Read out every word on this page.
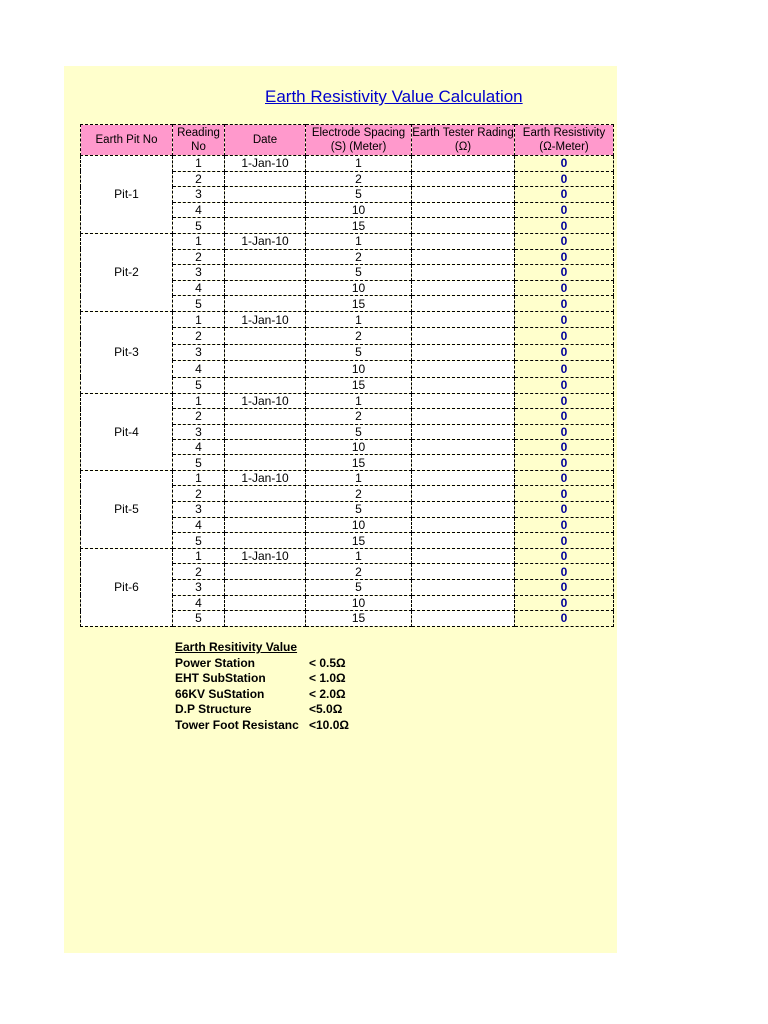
Earth Resistivity Value Calculation
Earth Pit No	Reading No	Date	Electrode Spacing (S) (Meter)	Earth Tester Rading (Ω)	Earth Resistivity (Ω-Meter)
Pit-1	1	1-Jan-10	1		0
	2		2		0
	3		5		0
	4		10		0
	5		15		0
Pit-2	1	1-Jan-10	1		0
	2		2		0
	3		5		0
	4		10		0
	5		15		0
Pit-3	1	1-Jan-10	1		0
	2		2		0
	3		5		0
	4		10		0
	5		15		0
Pit-4	1	1-Jan-10	1		0
	2		2		0
	3		5		0
	4		10		0
	5		15		0
Pit-5	1	1-Jan-10	1		0
	2		2		0
	3		5		0
	4		10		0
	5		15		0
Pit-6	1	1-Jan-10	1		0
	2		2		0
	3		5		0
	4		10		0
	5		15		0
Earth Resitivity Value
Power Station	< 0.5Ω
EHT SubStation	< 1.0Ω
66KV SuStation	< 2.0Ω
D.P Structure	<5.0Ω
Tower Foot Resistanc <10.0Ω
